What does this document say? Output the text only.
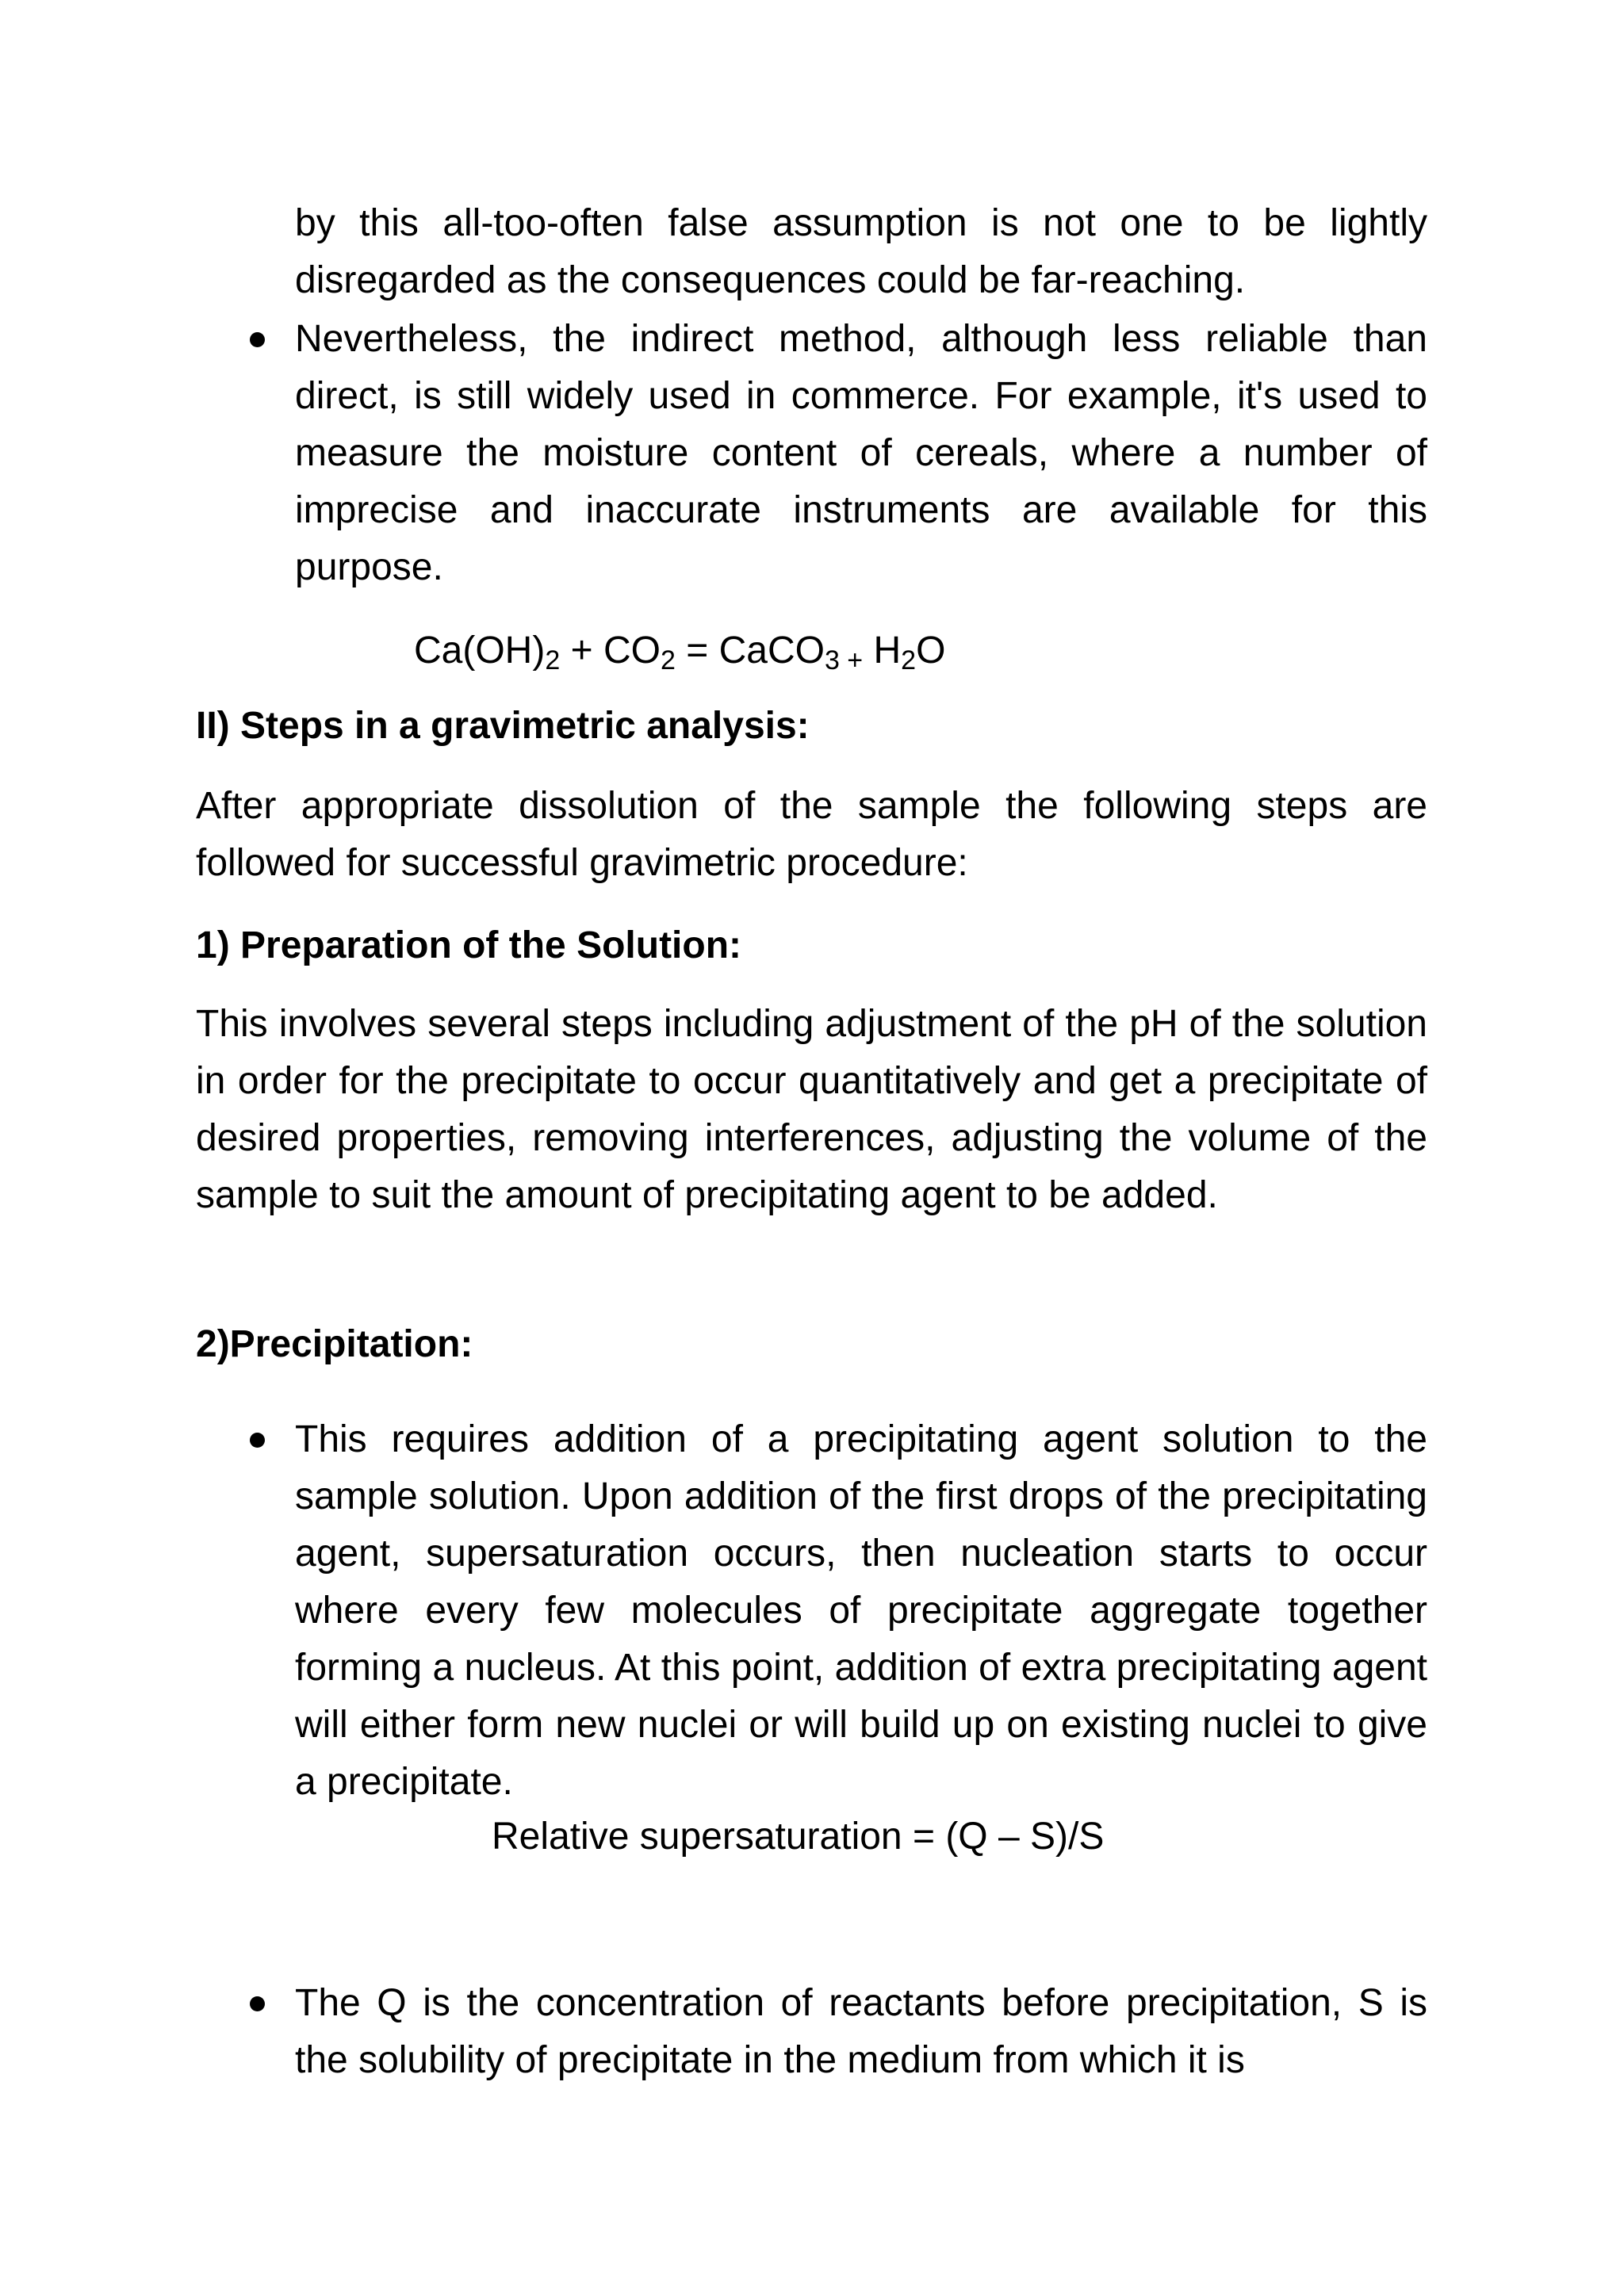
by this all-too-often false assumption is not one to be lightly disregarded as the consequences could be far-reaching.

Nevertheless, the indirect method, although less reliable than direct, is still widely used in commerce. For example, it's used to measure the moisture content of cereals, where a number of imprecise and inaccurate instruments are available for this purpose.

$Ca(OH)_2 + CO_2$ = CaCO$_{3 +}$ $H_2O$
II) Steps in a gravimetric analysis:

After appropriate dissolution of the sample the following steps are followed for successful gravimetric procedure:

1) Preparation of the Solution:

This involves several steps including adjustment of the pH of the solution in order for the precipitate to occur quantitatively and get a precipitate of desired properties, removing interferences, adjusting the volume of the sample to suit the amount of precipitating agent to be added.

2)Precipitation:

This requires addition of a precipitating agent solution to the sample solution. Upon addition of the first drops of the precipitating agent, supersaturation occurs, then nucleation starts to occur where every few molecules of precipitate aggregate together forming a nucleus. At this point, addition of extra precipitating agent will either form new nuclei or will build up on existing nuclei to give a precipitate.

Relative supersaturation = (Q – S)/S

The Q is the concentration of reactants before precipitation, S is the solubility of precipitate in the medium from which it is
